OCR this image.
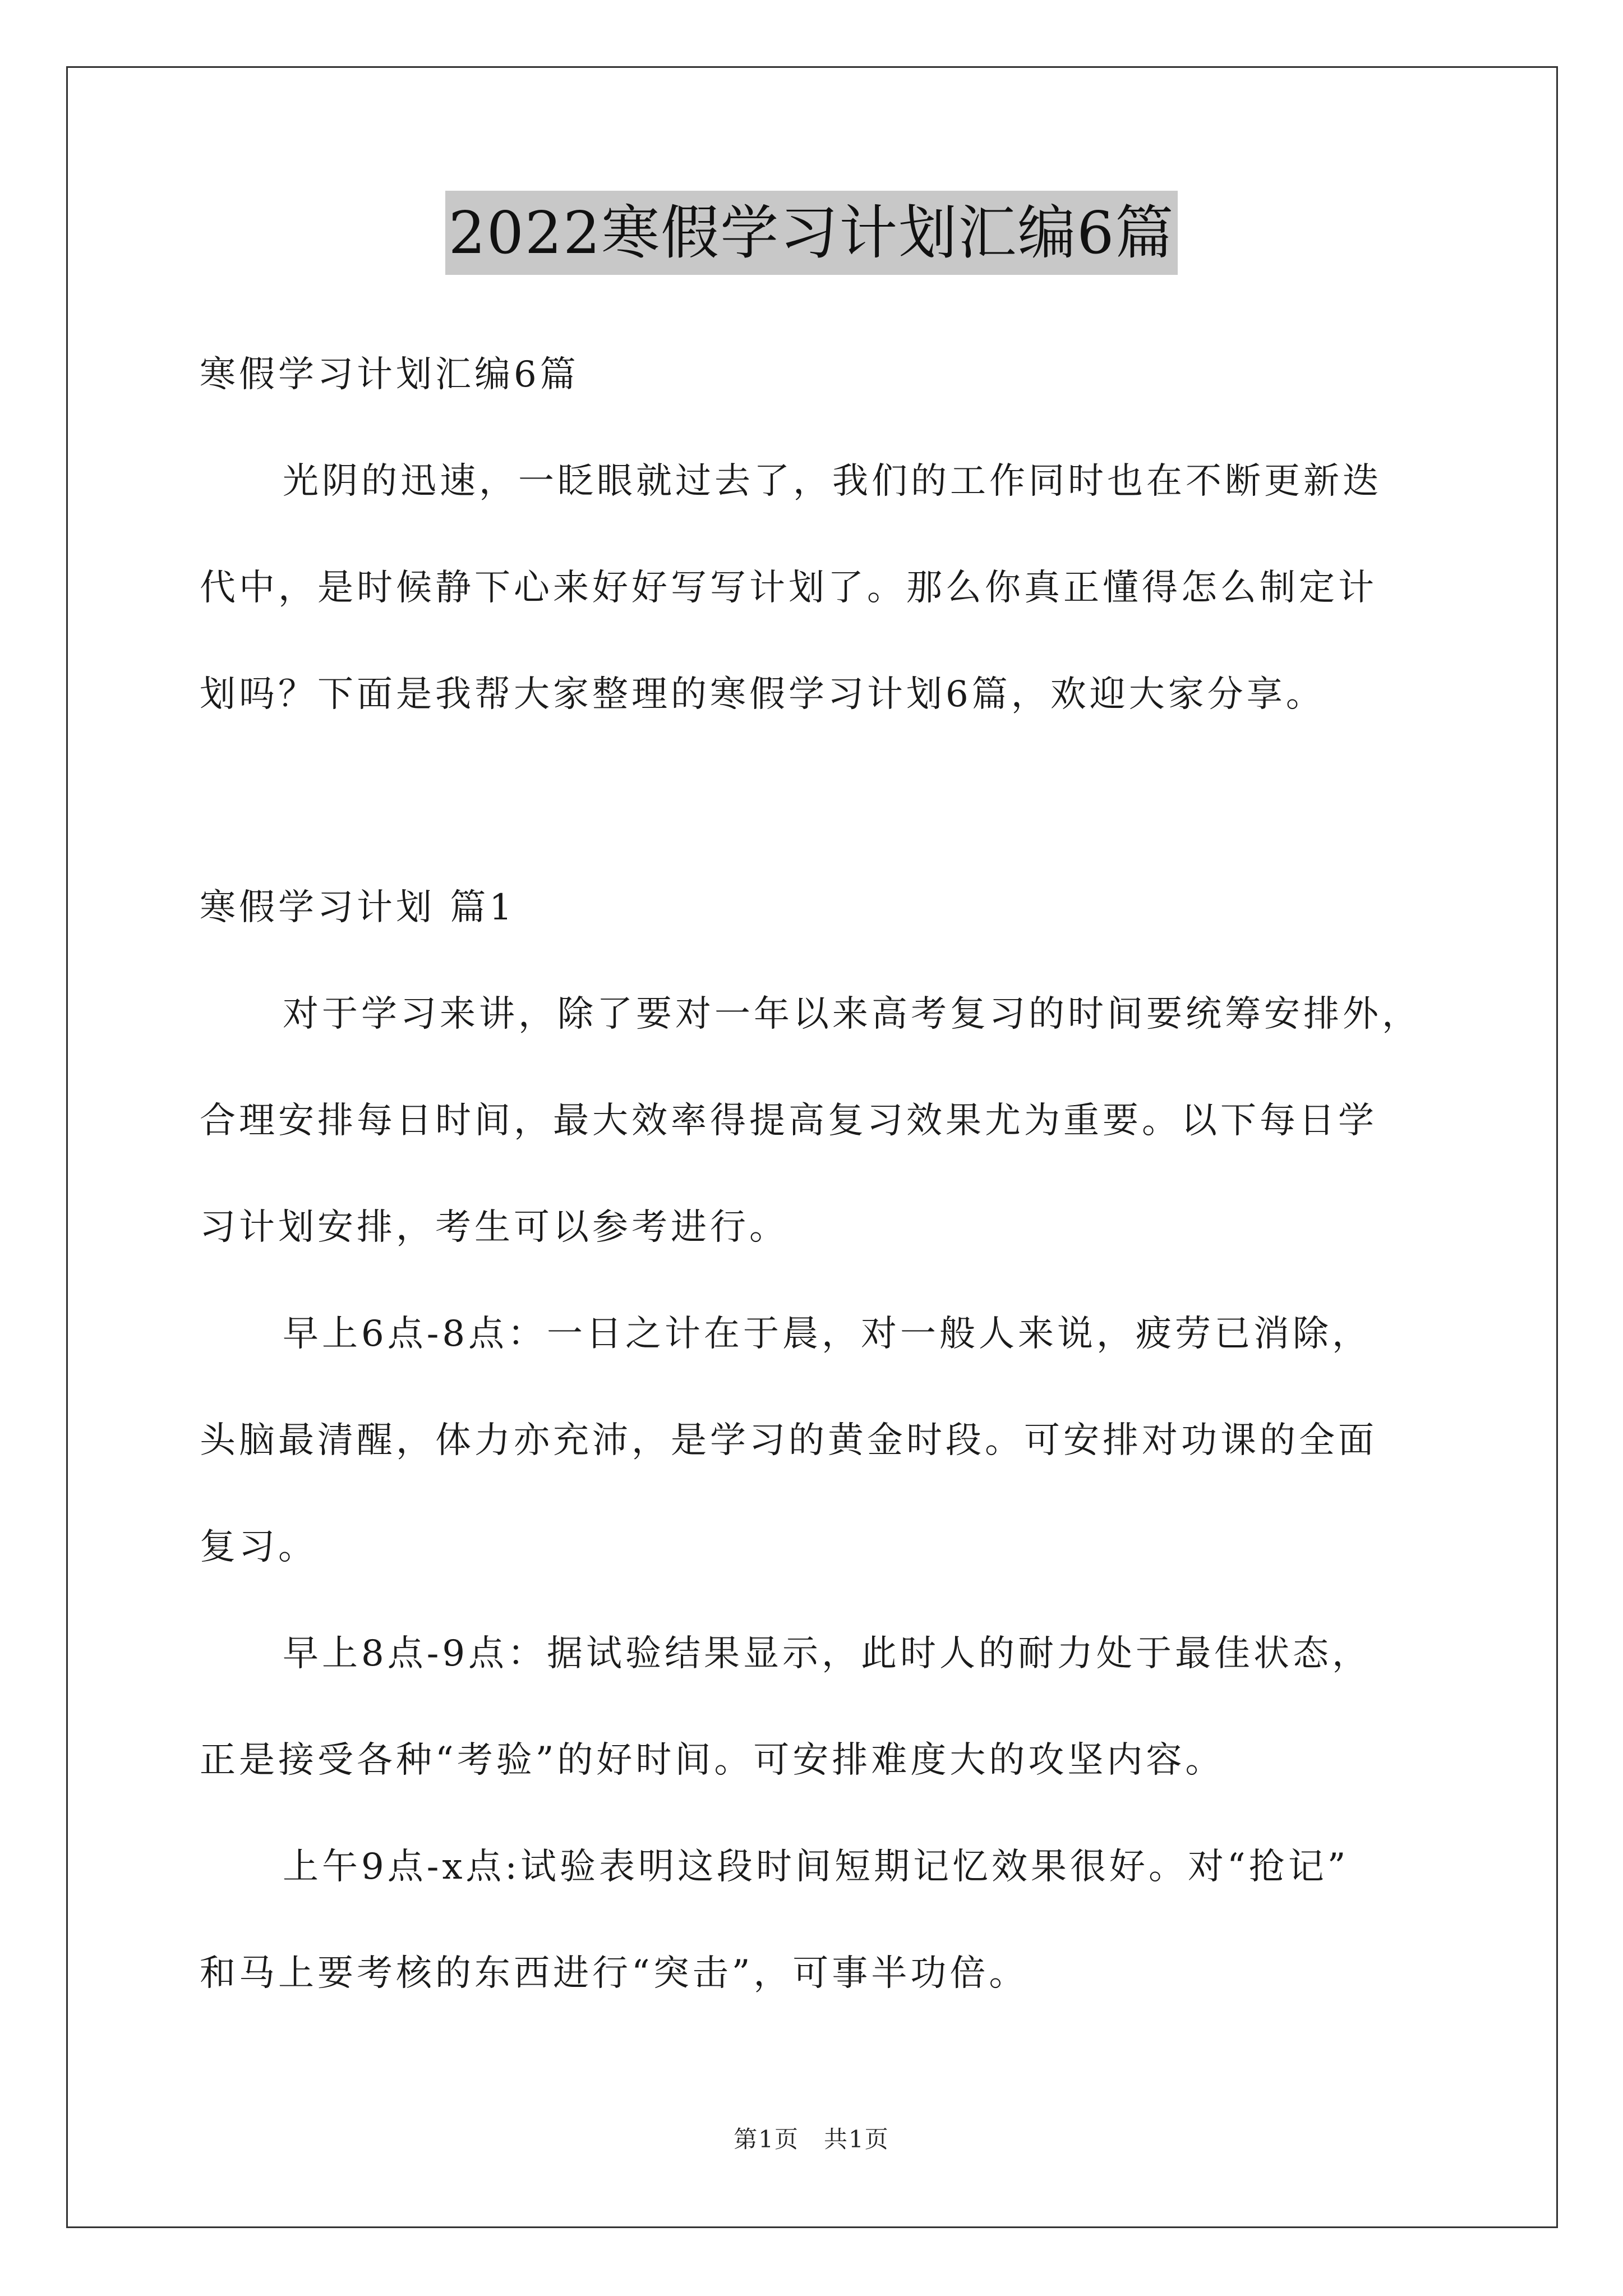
2022寒假学习计划汇编6篇
寒假学习计划汇编6篇
光阴的迅速，一眨眼就过去了，我们的工作同时也在不断更新迭
代中，是时候静下心来好好写写计划了。那么你真正懂得怎么制定计
划吗？下面是我帮大家整理的寒假学习计划6篇，欢迎大家分享。
寒假学习计划 篇1
对于学习来讲，除了要对一年以来高考复习的时间要统筹安排外，
合理安排每日时间，最大效率得提高复习效果尤为重要。以下每日学
习计划安排，考生可以参考进行。
早上6点-8点：一日之计在于晨，对一般人来说，疲劳已消除，
头脑最清醒，体力亦充沛，是学习的黄金时段。可安排对功课的全面
复习。
早上8点-9点：据试验结果显示，此时人的耐力处于最佳状态，
正是接受各种“考验”的好时间。可安排难度大的攻坚内容。
上午9点-x点:试验表明这段时间短期记忆效果很好。对“抢记”
和马上要考核的东西进行“突击”，可事半功倍。
第1页　共1页
